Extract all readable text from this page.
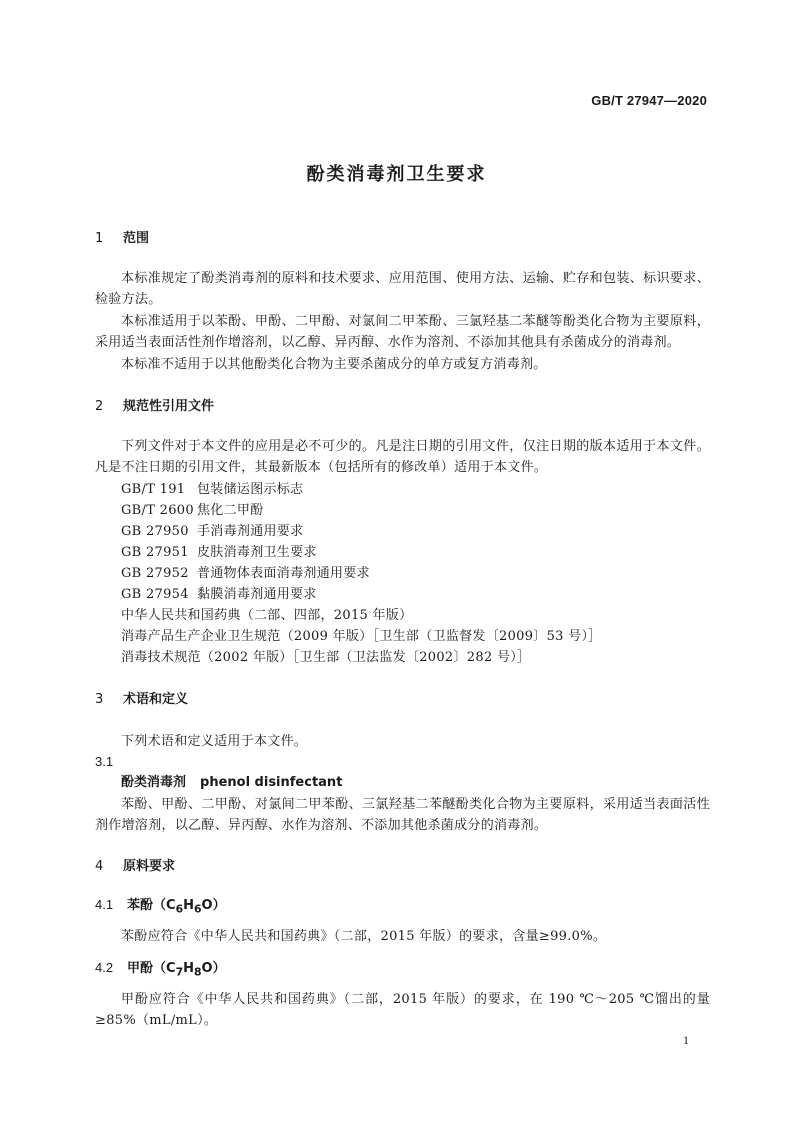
GB/T 27947—2020
酚类消毒剂卫生要求
1 范围
本标准规定了酚类消毒剂的原料和技术要求、应用范围、使用方法、运输、贮存和包装、标识要求、检验方法。
本标准适用于以苯酚、甲酚、二甲酚、对氯间二甲苯酚、三氯羟基二苯醚等酚类化合物为主要原料，采用适当表面活性剂作增溶剂，以乙醇、异丙醇、水作为溶剂、不添加其他具有杀菌成分的消毒剂。
本标准不适用于以其他酚类化合物为主要杀菌成分的单方或复方消毒剂。
2 规范性引用文件
下列文件对于本文件的应用是必不可少的。凡是注日期的引用文件，仅注日期的版本适用于本文件。凡是不注日期的引用文件，其最新版本（包括所有的修改单）适用于本文件。
GB/T 191 包装储运图示标志
GB/T 2600 焦化二甲酚
GB 27950 手消毒剂通用要求
GB 27951 皮肤消毒剂卫生要求
GB 27952 普通物体表面消毒剂通用要求
GB 27954 黏膜消毒剂通用要求
中华人民共和国药典（二部、四部，2015 年版）
消毒产品生产企业卫生规范（2009 年版）［卫生部（卫监督发〔2009〕53 号）］
消毒技术规范（2002 年版）［卫生部（卫法监发〔2002〕282 号）］
3 术语和定义
下列术语和定义适用于本文件。
3.1
酚类消毒剂 phenol disinfectant
苯酚、甲酚、二甲酚、对氯间二甲苯酚、三氯羟基二苯醚酚类化合物为主要原料，采用适当表面活性剂作增溶剂，以乙醇、异丙醇、水作为溶剂、不添加其他杀菌成分的消毒剂。
4 原料要求
4.1 苯酚$(C_6H_6O)$
苯酚应符合《中华人民共和国药典》（二部，2015 年版）的要求，含量≥99.0%。
4.2 甲酚$(C_7H_8O)$
甲酚应符合《中华人民共和国药典》（二部，2015 年版）的要求，在 190 ℃～205 ℃馏出的量≥85%（mL/mL）。
1
